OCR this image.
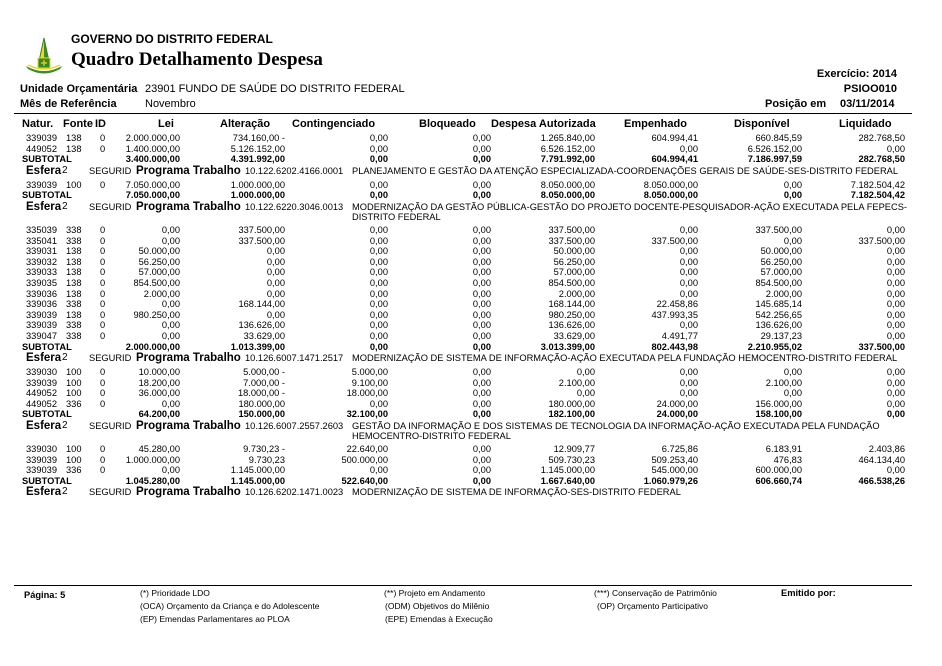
GOVERNO DO DISTRITO FEDERAL
Quadro Detalhamento Despesa
Exercício: 2014
PSIOO010
Unidade Orçamentária 23901 FUNDO DE SAÚDE DO DISTRITO FEDERAL
Mês de Referência	Novembro	Posição em 03/11/2014
Natur. Fonte ID	Lei	Alteração Contingenciado	Bloqueado Despesa Autorizada	Empenhado	Disponível	Liquidado
339039 138 0 2.000.000,00	734.160,00 -	0,00	0,00	1.265.840,00	604.994,41	660.845,59	282.768,50
449052 138 0 1.400.000,00	5.126.152,00	0,00	0,00	6.526.152,00	0,00	6.526.152,00	0,00
SUBTOTAL	3.400.000,00	4.391.992,00	0,00	0,00	7.791.992,00	604.994,41	7.186.997,59	282.768,50
Esfera 2 SEGURID Programa Trabalho 10.122.6202.4166.0001 PLANEJAMENTO E GESTÃO DA ATENÇÃO ESPECIALIZADA-COORDENAÇÕES GERAIS DE SAÚDE-SES-DISTRITO FEDERAL
339039 100 0 7.050.000,00	1.000.000,00	0,00	0,00	8.050.000,00	8.050.000,00	0,00	7.182.504,42
SUBTOTAL	7.050.000,00	1.000.000,00	0,00	0,00	8.050.000,00	8.050.000,00	0,00	7.182.504,42
Esfera 2 SEGURID Programa Trabalho 10.122.6220.3046.0013 MODERNIZAÇÃO DA GESTÃO PÚBLICA-GESTÃO DO PROJETO DOCENTE-PESQUISADOR-AÇÃO EXECUTADA PELA FEPECS-DISTRITO FEDERAL
335039 338 0	0,00	337.500,00	0,00	0,00	337.500,00	0,00	337.500,00	0,00
335041 338 0	0,00	337.500,00	0,00	0,00	337.500,00	337.500,00	0,00	337.500,00
339031 138 0	50.000,00	0,00	0,00	0,00	50.000,00	0,00	50.000,00	0,00
339032 138 0	56.250,00	0,00	0,00	0,00	56.250,00	0,00	56.250,00	0,00
339033 138 0	57.000,00	0,00	0,00	0,00	57.000,00	0,00	57.000,00	0,00
339035 138 0	854.500,00	0,00	0,00	0,00	854.500,00	0,00	854.500,00	0,00
339036 138 0	2.000,00	0,00	0,00	0,00	2.000,00	0,00	2.000,00	0,00
339036 338 0	0,00	168.144,00	0,00	0,00	168.144,00	22.458,86	145.685,14	0,00
339039 138 0	980.250,00	0,00	0,00	0,00	980.250,00	437.993,35	542.256,65	0,00
339039 338 0	0,00	136.626,00	0,00	0,00	136.626,00	0,00	136.626,00	0,00
339047 338 0	0,00	33.629,00	0,00	0,00	33.629,00	4.491,77	29.137,23	0,00
SUBTOTAL	2.000.000,00	1.013.399,00	0,00	0,00	3.013.399,00	802.443,98	2.210.955,02	337.500,00
Esfera 2 SEGURID Programa Trabalho 10.126.6007.1471.2517 MODERNIZAÇÃO DE SISTEMA DE INFORMAÇÃO-AÇÃO EXECUTADA PELA FUNDAÇÃO HEMOCENTRO-DISTRITO FEDERAL
339030 100 0	10.000,00	5.000,00 -	5.000,00	0,00	0,00	0,00	0,00	0,00
339039 100 0	18.200,00	7.000,00 -	9.100,00	0,00	2.100,00	0,00	2.100,00	0,00
449052 100 0	36.000,00	18.000,00 -	18.000,00	0,00	0,00	0,00	0,00	0,00
449052 336 0	0,00	180.000,00	0,00	0,00	180.000,00	24.000,00	156.000,00	0,00
SUBTOTAL	64.200,00	150.000,00	32.100,00	0,00	182.100,00	24.000,00	158.100,00	0,00
Esfera 2 SEGURID Programa Trabalho 10.126.6007.2557.2603 GESTÃO DA INFORMAÇÃO E DOS SISTEMAS DE TECNOLOGIA DA INFORMAÇÃO-AÇÃO EXECUTADA PELA FUNDAÇÃO HEMOCENTRO-DISTRITO FEDERAL
339030 100 0	45.280,00	9.730,23 -	22.640,00	0,00	12.909,77	6.725,86	6.183,91	2.403,86
339039 100 0 1.000.000,00	9.730,23	500.000,00	0,00	509.730,23	509.253,40	476,83	464.134,40
339039 336 0	0,00	1.145.000,00	0,00	0,00	1.145.000,00	545.000,00	600.000,00	0,00
SUBTOTAL	1.045.280,00	1.145.000,00	522.640,00	0,00	1.667.640,00	1.060.979,26	606.660,74	466.538,26
Esfera 2 SEGURID Programa Trabalho 10.126.6202.1471.0023 MODERNIZAÇÃO DE SISTEMA DE INFORMAÇÃO-SES-DISTRITO FEDERAL
Página: 5	(*) Prioridade LDO	(**) Projeto em Andamento	(***) Conservação de Patrimônio
(OCA) Orçamento da Criança e do Adolescente	(ODM) Objetivos do Milênio	(OP) Orçamento Participativo
(EP) Emendas Parlamentares ao PLOA	(EPE) Emendas à Execução
Emitido por:
